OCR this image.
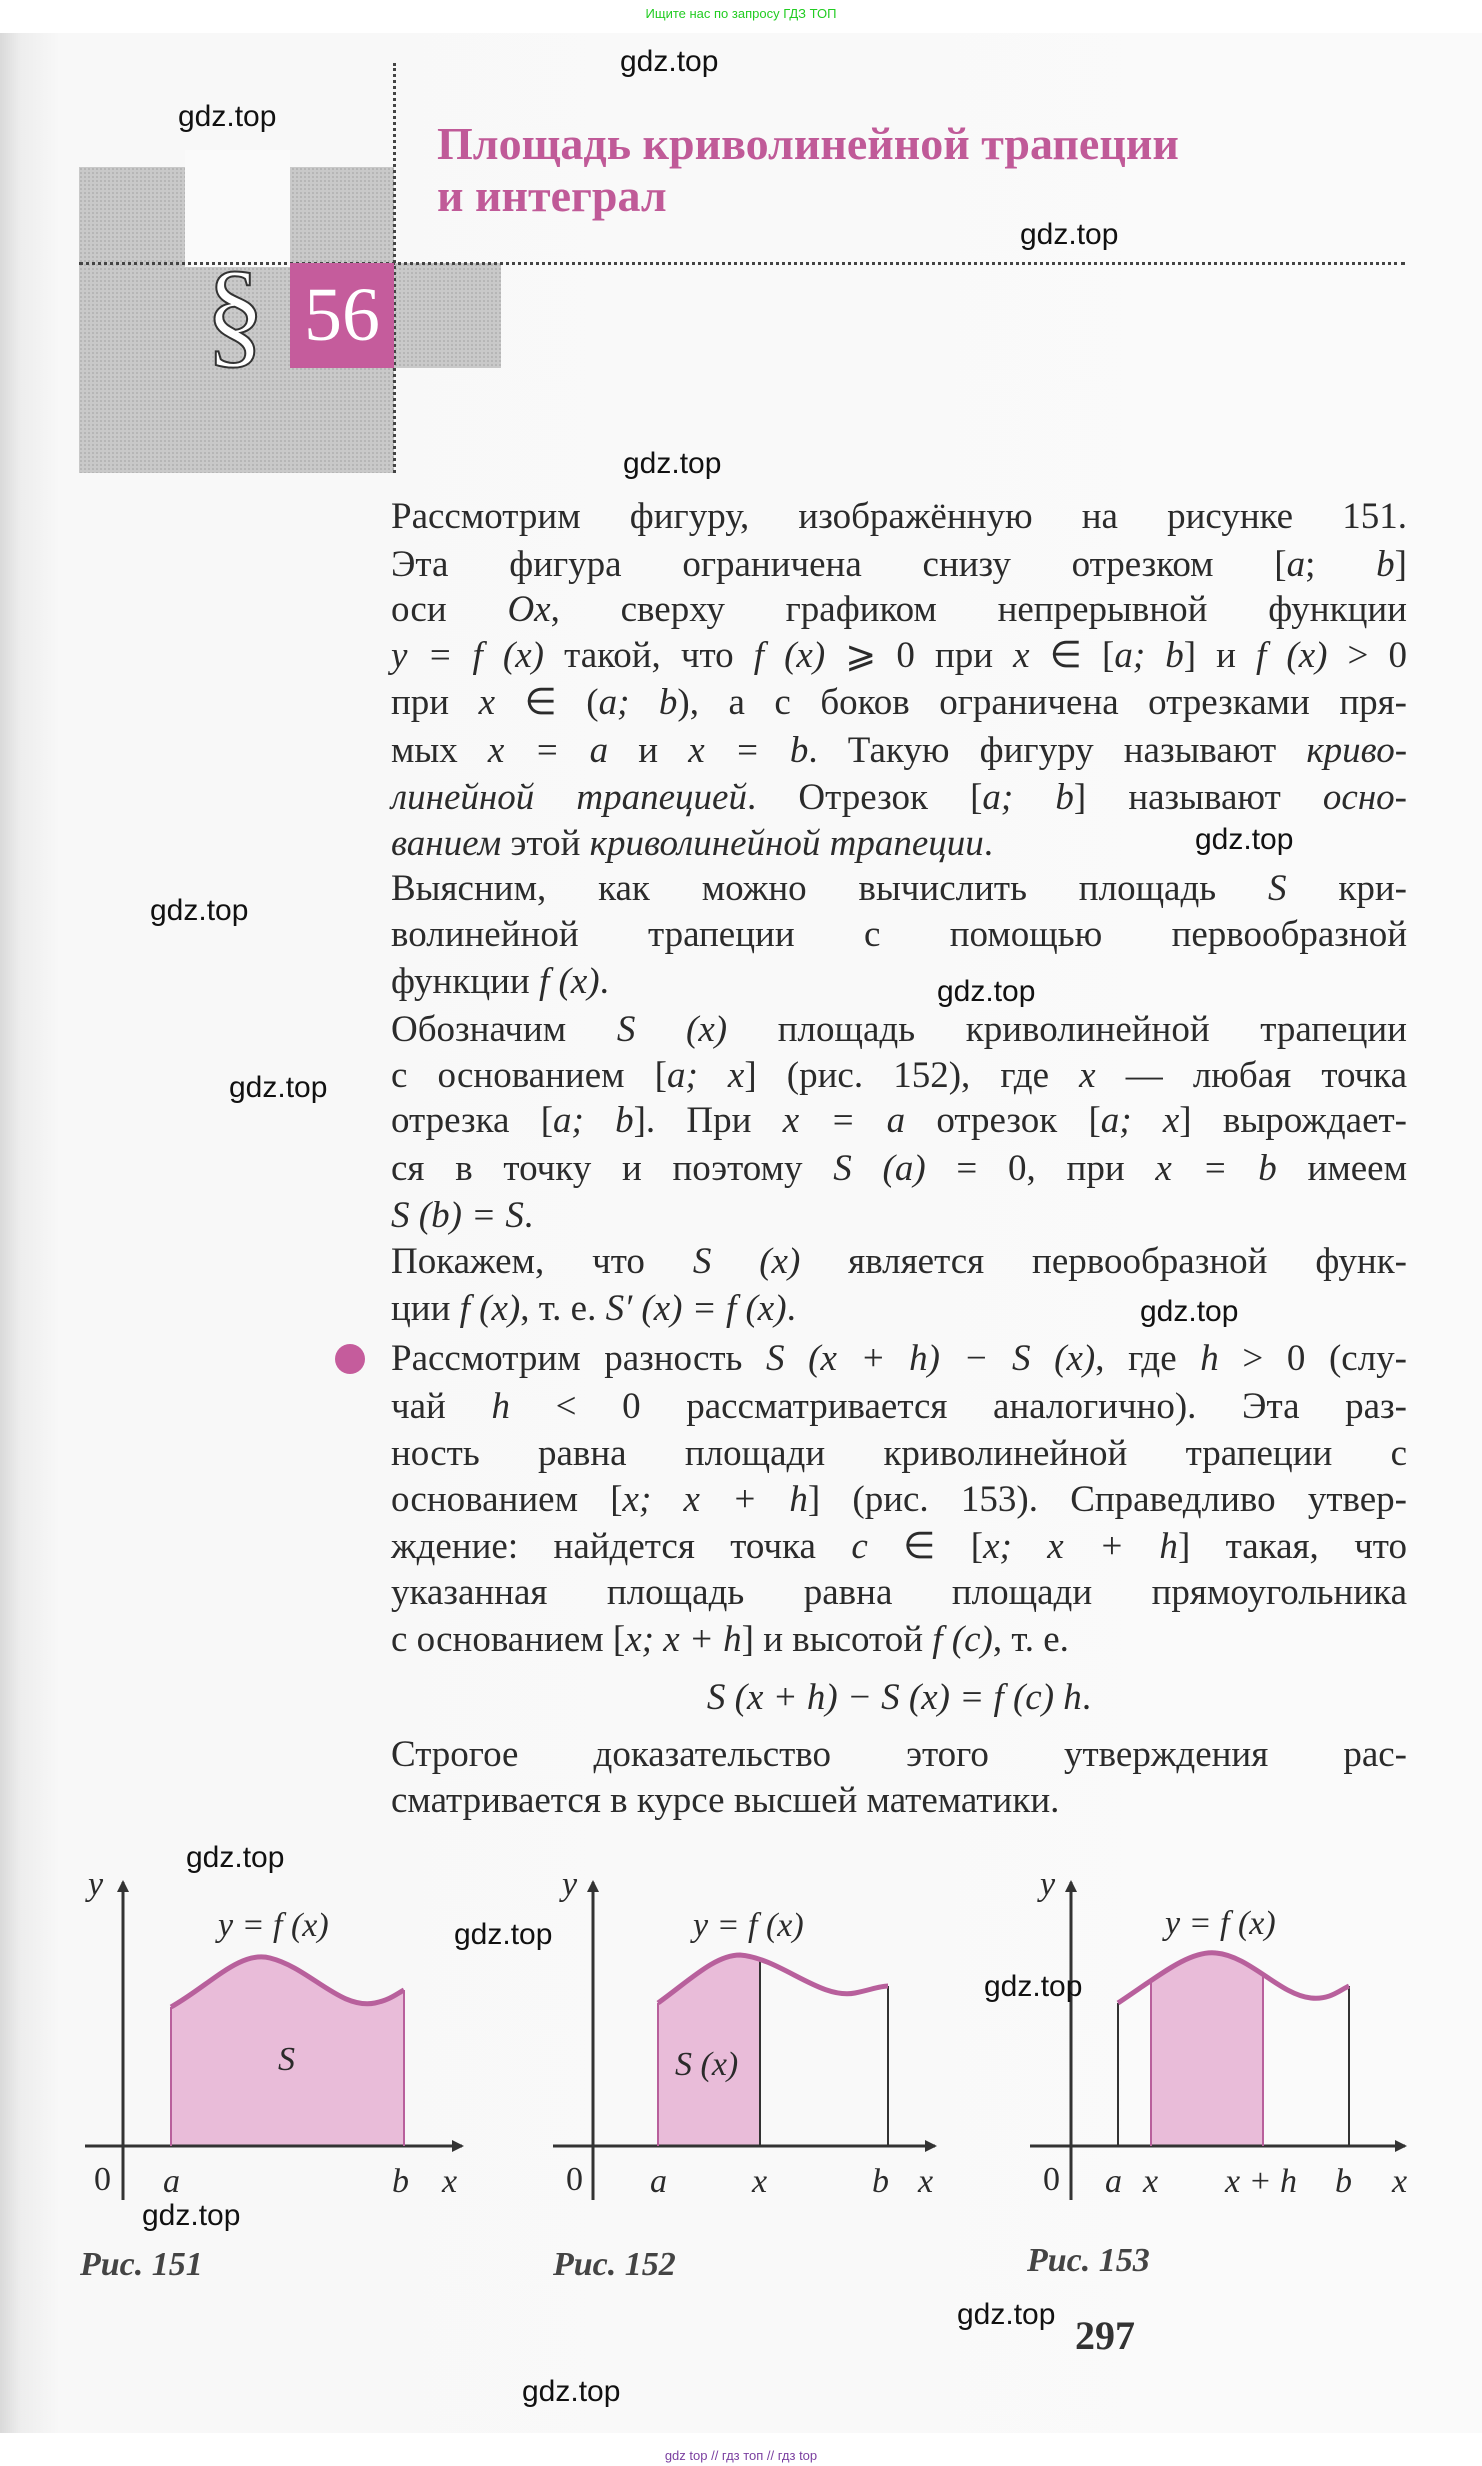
Ищите нас по запросу ГДЗ ТОП
56
§
Площадь криволинейной трапеции
и интеграл
Рассмотрим фигуру, изображённую на рисунке 151.
Эта фигура ограничена снизу отрезком [a; b]
оси Ox, сверху графиком непрерывной функции
y = f (x) такой, что f (x) ⩾ 0 при x ∈ [a; b] и f (x) > 0
при x ∈ (a; b), а с боков ограничена отрезками пря-
мых x = a и x = b. Такую фигуру называют криво-
линейной трапецией. Отрезок [a; b] называют осно-
ванием этой криволинейной трапеции.
Выясним, как можно вычислить площадь S кри-
волинейной трапеции с помощью первообразной
функции f (x).
Обозначим S (x) площадь криволинейной трапеции
с основанием [a; x] (рис. 152), где x — любая точка
отрезка [a; b]. При x = a отрезок [a; x] вырождает-
ся в точку и поэтому S (a) = 0, при x = b имеем
S (b) = S.
Покажем, что S (x) является первообразной функ-
ции f (x), т. е. S′ (x) = f (x).
Рассмотрим разность S (x + h) − S (x), где h > 0 (слу-
чай h < 0 рассматривается аналогично). Эта раз-
ность равна площади криволинейной трапеции с
основанием [x; x + h] (рис. 153). Справедливо утвер-
ждение: найдется точка c ∈ [x; x + h] такая, что
указанная площадь равна площади прямоугольника
с основанием [x; x + h] и высотой f (c), т. е.
S (x + h) − S (x) = f (c) h.
Строгое доказательство этого утверждения рас-
сматривается в курсе высшей математики.
y
y = f (x)
S
0 a	b x
y
y = f (x)
S (x)
0 a	x	b x
y
y = f (x)
0 a x x + h b x
Рис. 151	Рис. 152	Рис. 153
297
gdz.top
gdz.top
gdz.top
gdz.top
gdz.top
gdz.top
gdz.top
gdz.top
gdz.top
gdz.top
gdz.top
gdz.top
gdz.top
gdz.top
gdz.top
gdz top // гдз топ // гдз top
